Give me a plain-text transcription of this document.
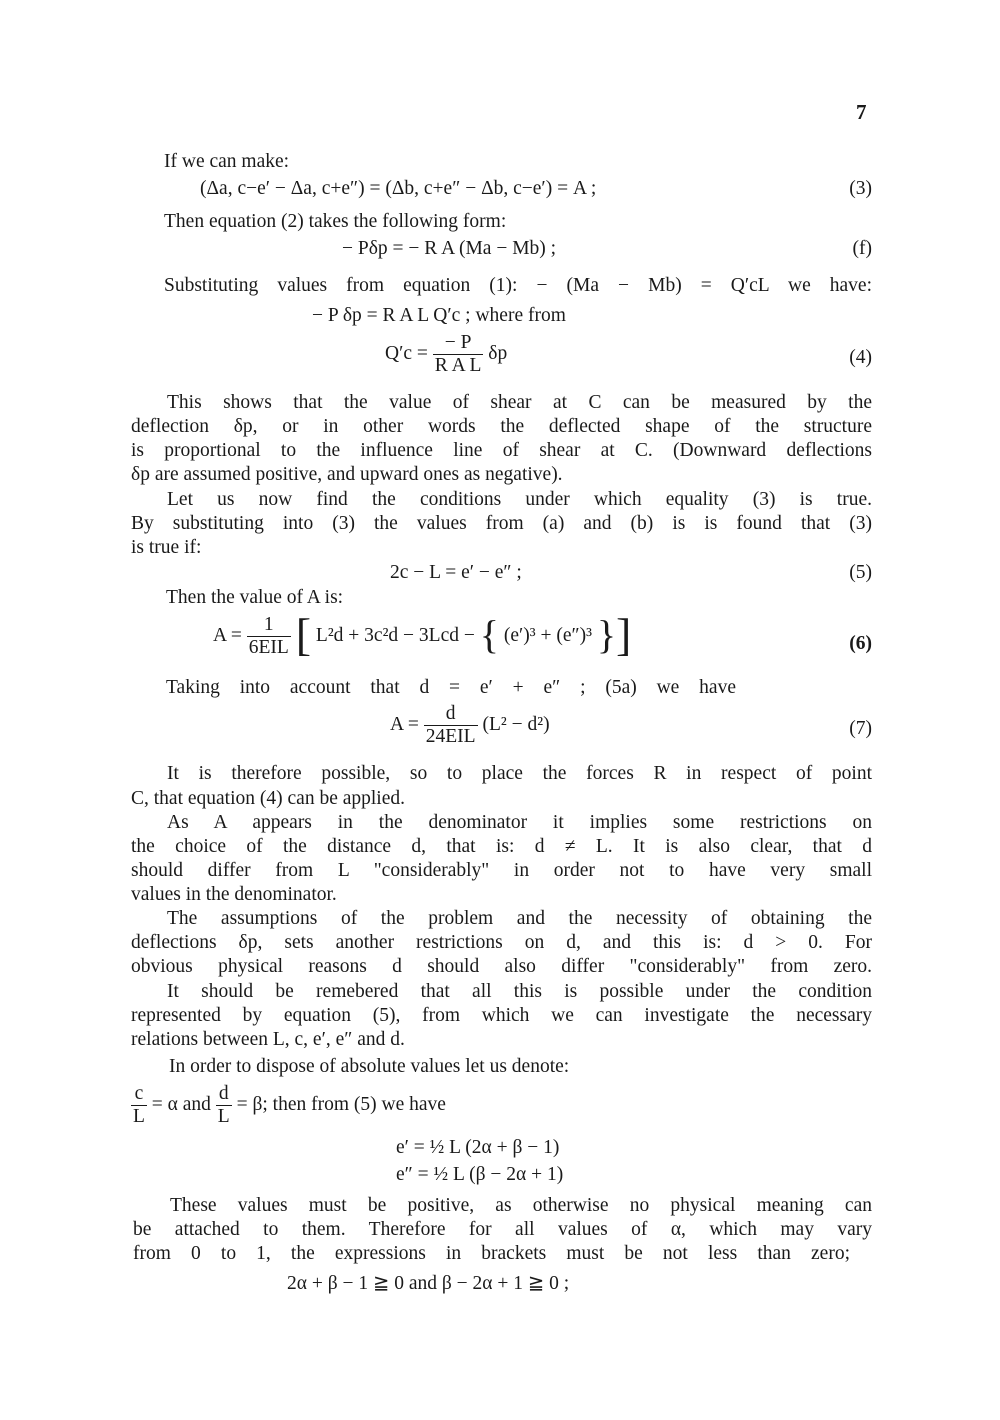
7
If we can make:
(Δa, c−e′ − Δa, c+e″) = (Δb, c+e″ − Δb, c−e′) = A ;	(3)
Then equation (2) takes the following form:
− Pδp = − R A (Ma − Mb) ;	(f)
Substituting values from equation (1): − (Ma − Mb) = Q′cL we have:
− P δp = R A L Q′c ; where from
$Q'c = \frac{- P}{\text{R A L}}$ δp	(4)
This shows that the value of shear at C can be measured by the
deflection δp, or in other words the deflected shape of the structure
is proportional to the influence line of shear at C. (Downward deflections
δp are assumed positive, and upward ones as negative).
Let us now find the conditions under which equality (3) is true.
By substituting into (3) the values from (a) and (b) is is found that (3)
is true if:
2c − L = e′ − e″ ;	(5)
Then the value of A is:
$A = \frac{1}{\text{6EIL}}$ [ L²d + 3c²d − 3Lcd − { (e′)³ + (e″)³ }]	(6)
Taking into account that d = e′ + e″ ; (5a) we have
$A = \frac{d}{\text{24EIL}} (L^2 - d^2)$	(7)
It is therefore possible, so to place the forces R in respect of point
C, that equation (4) can be applied.
As A appears in the denominator it implies some restrictions on
the choice of the distance d, that is: d ≠ L. It is also clear, that d
should differ from L "considerably" in order not to have very small
values in the denominator.
The assumptions of the problem and the necessity of obtaining the
deflections δp, sets another restrictions on d, and this is: d > 0. For
obvious physical reasons d should also differ "considerably" from zero.
It should be remebered that all this is possible under the condition
represented by equation (5), from which we can investigate the necessary
relations between L, c, e′, e″ and d.
In order to dispose of absolute values let us denote:
$\frac{c}{L} = \alpha$ and $\frac{d}{L} = \beta$; then from (5) we have
e′ = ½ L (2α + β − 1)
e″ = ½ L (β − 2α + 1)
These values must be positive, as otherwise no physical meaning can
be attached to them. Therefore for all values of α, which may vary
from 0 to 1, the expressions in brackets must be not less than zero;
2α + β − 1 ≧ 0 and β − 2α + 1 ≧ 0 ;
